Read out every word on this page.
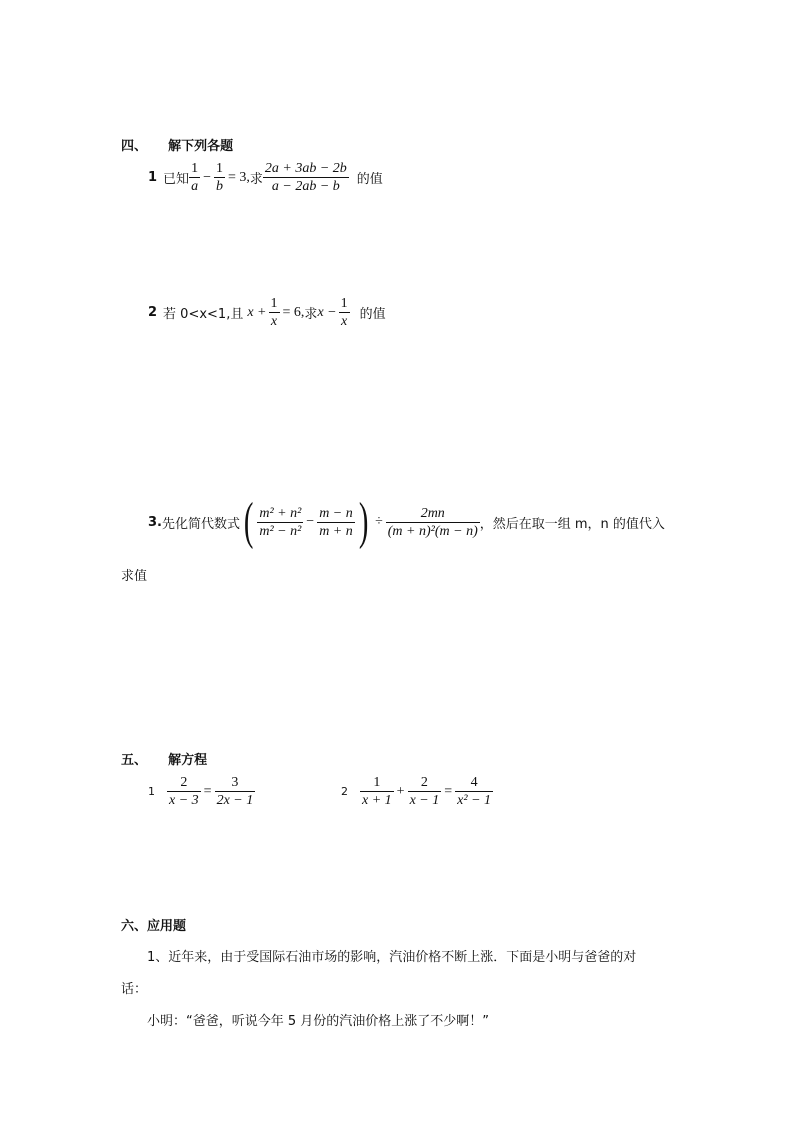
四、 解下列各题
1 已知 $\frac{1}{a} - \frac{1}{b} = 3$, 求 $\frac{2a + 3ab - 2b}{a - 2ab - b}$ 的值
2 若 0<x<1,且 $x + \frac{1}{x} = 6$, 求 $x - \frac{1}{x}$ 的值
3. 先化简代数式 ( $\frac{\text{m² + n²}}{\text{m² − n²}} - \frac{m - n}{m + n}$ ) ÷ $\frac{2mn}{\text{(m + n)²(m − n)}}$ ，然后在取一组 m，n 的值代入
求值
五、 解方程
$1 \frac{2}{x - 3} = \frac{3}{2x - 1}$	$2 \frac{1}{x + 1} + \frac{2}{x - 1} = \frac{4}{\text{x² − 1}}$
六、应用题
1、近年来，由于受国际石油市场的影响，汽油价格不断上涨．下面是小明与爸爸的对
话：
小明：“爸爸，听说今年 5 月份的汽油价格上涨了不少啊！”
